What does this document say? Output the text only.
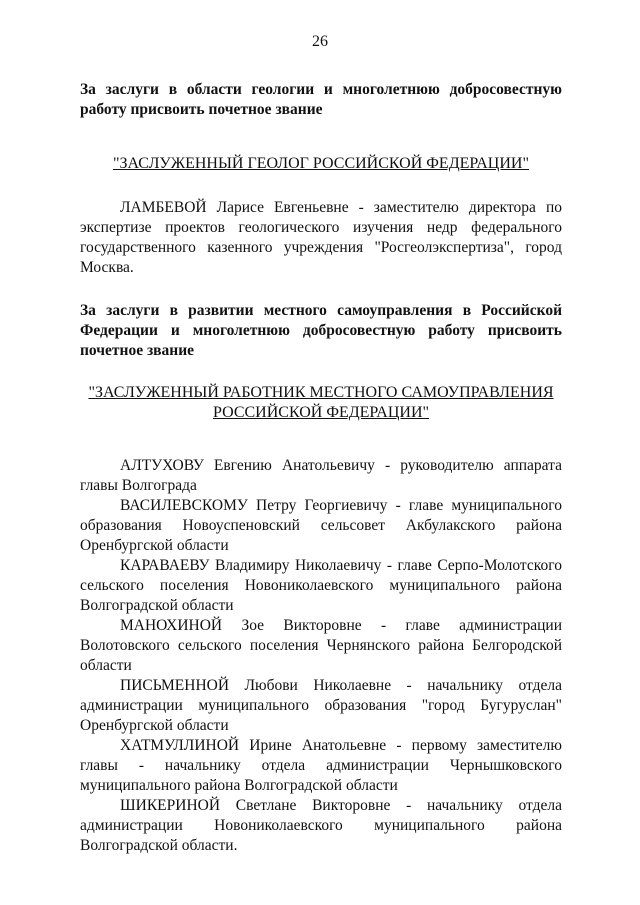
26

За заслуги в области геологии и многолетнюю добросовестную работу присвоить почетное звание

"ЗАСЛУЖЕННЫЙ ГЕОЛОГ РОССИЙСКОЙ ФЕДЕРАЦИИ"

ЛАМБЕВОЙ Ларисе Евгеньевне - заместителю директора по экспертизе проектов геологического изучения недр федерального государственного казенного учреждения "Росгеолэкспертиза", город Москва.

За заслуги в развитии местного самоуправления в Российской Федерации и многолетнюю добросовестную работу присвоить почетное звание

"ЗАСЛУЖЕННЫЙ РАБОТНИК МЕСТНОГО САМОУПРАВЛЕНИЯ
РОССИЙСКОЙ ФЕДЕРАЦИИ"

АЛТУХОВУ Евгению Анатольевичу - руководителю аппарата главы Волгограда

ВАСИЛЕВСКОМУ Петру Георгиевичу - главе муниципального образования Новоуспеновский сельсовет Акбулакского района Оренбургской области

КАРАВАЕВУ Владимиру Николаевичу - главе Серпо-Молотского сельского поселения Новониколаевского муниципального района Волгоградской области

МАНОХИНОЙ Зое Викторовне - главе администрации Волотовского сельского поселения Чернянского района Белгородской области

ПИСЬМЕННОЙ Любови Николаевне - начальнику отдела администрации муниципального образования "город Бугуруслан" Оренбургской области

ХАТМУЛЛИНОЙ Ирине Анатольевне - первому заместителю главы - начальнику отдела администрации Чернышковского муниципального района Волгоградской области

ШИКЕРИНОЙ Светлане Викторовне - начальнику отдела администрации Новониколаевского муниципального района Волгоградской области.
